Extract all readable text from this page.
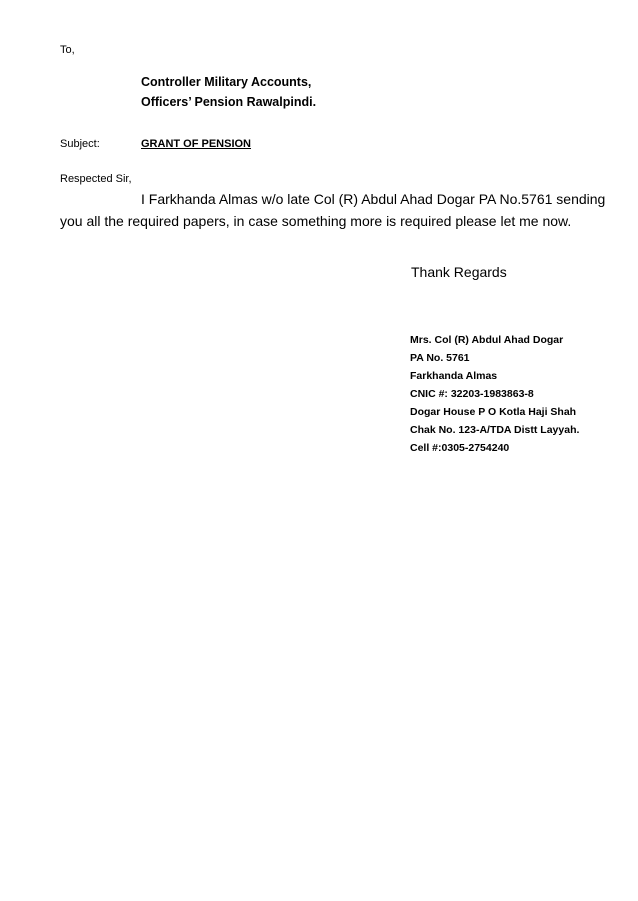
To,
Controller Military Accounts,
Officers’ Pension Rawalpindi.
Subject:	GRANT OF PENSION
Respected Sir,
I Farkhanda Almas w/o late Col (R) Abdul Ahad Dogar PA No.5761 sending
you all the required papers, in case something more is required please let me now.
Thank Regards
Mrs. Col (R) Abdul Ahad Dogar
PA No. 5761
Farkhanda Almas
CNIC #: 32203-1983863-8
Dogar House P O Kotla Haji Shah
Chak No. 123-A/TDA Distt Layyah.
Cell #:0305-2754240
